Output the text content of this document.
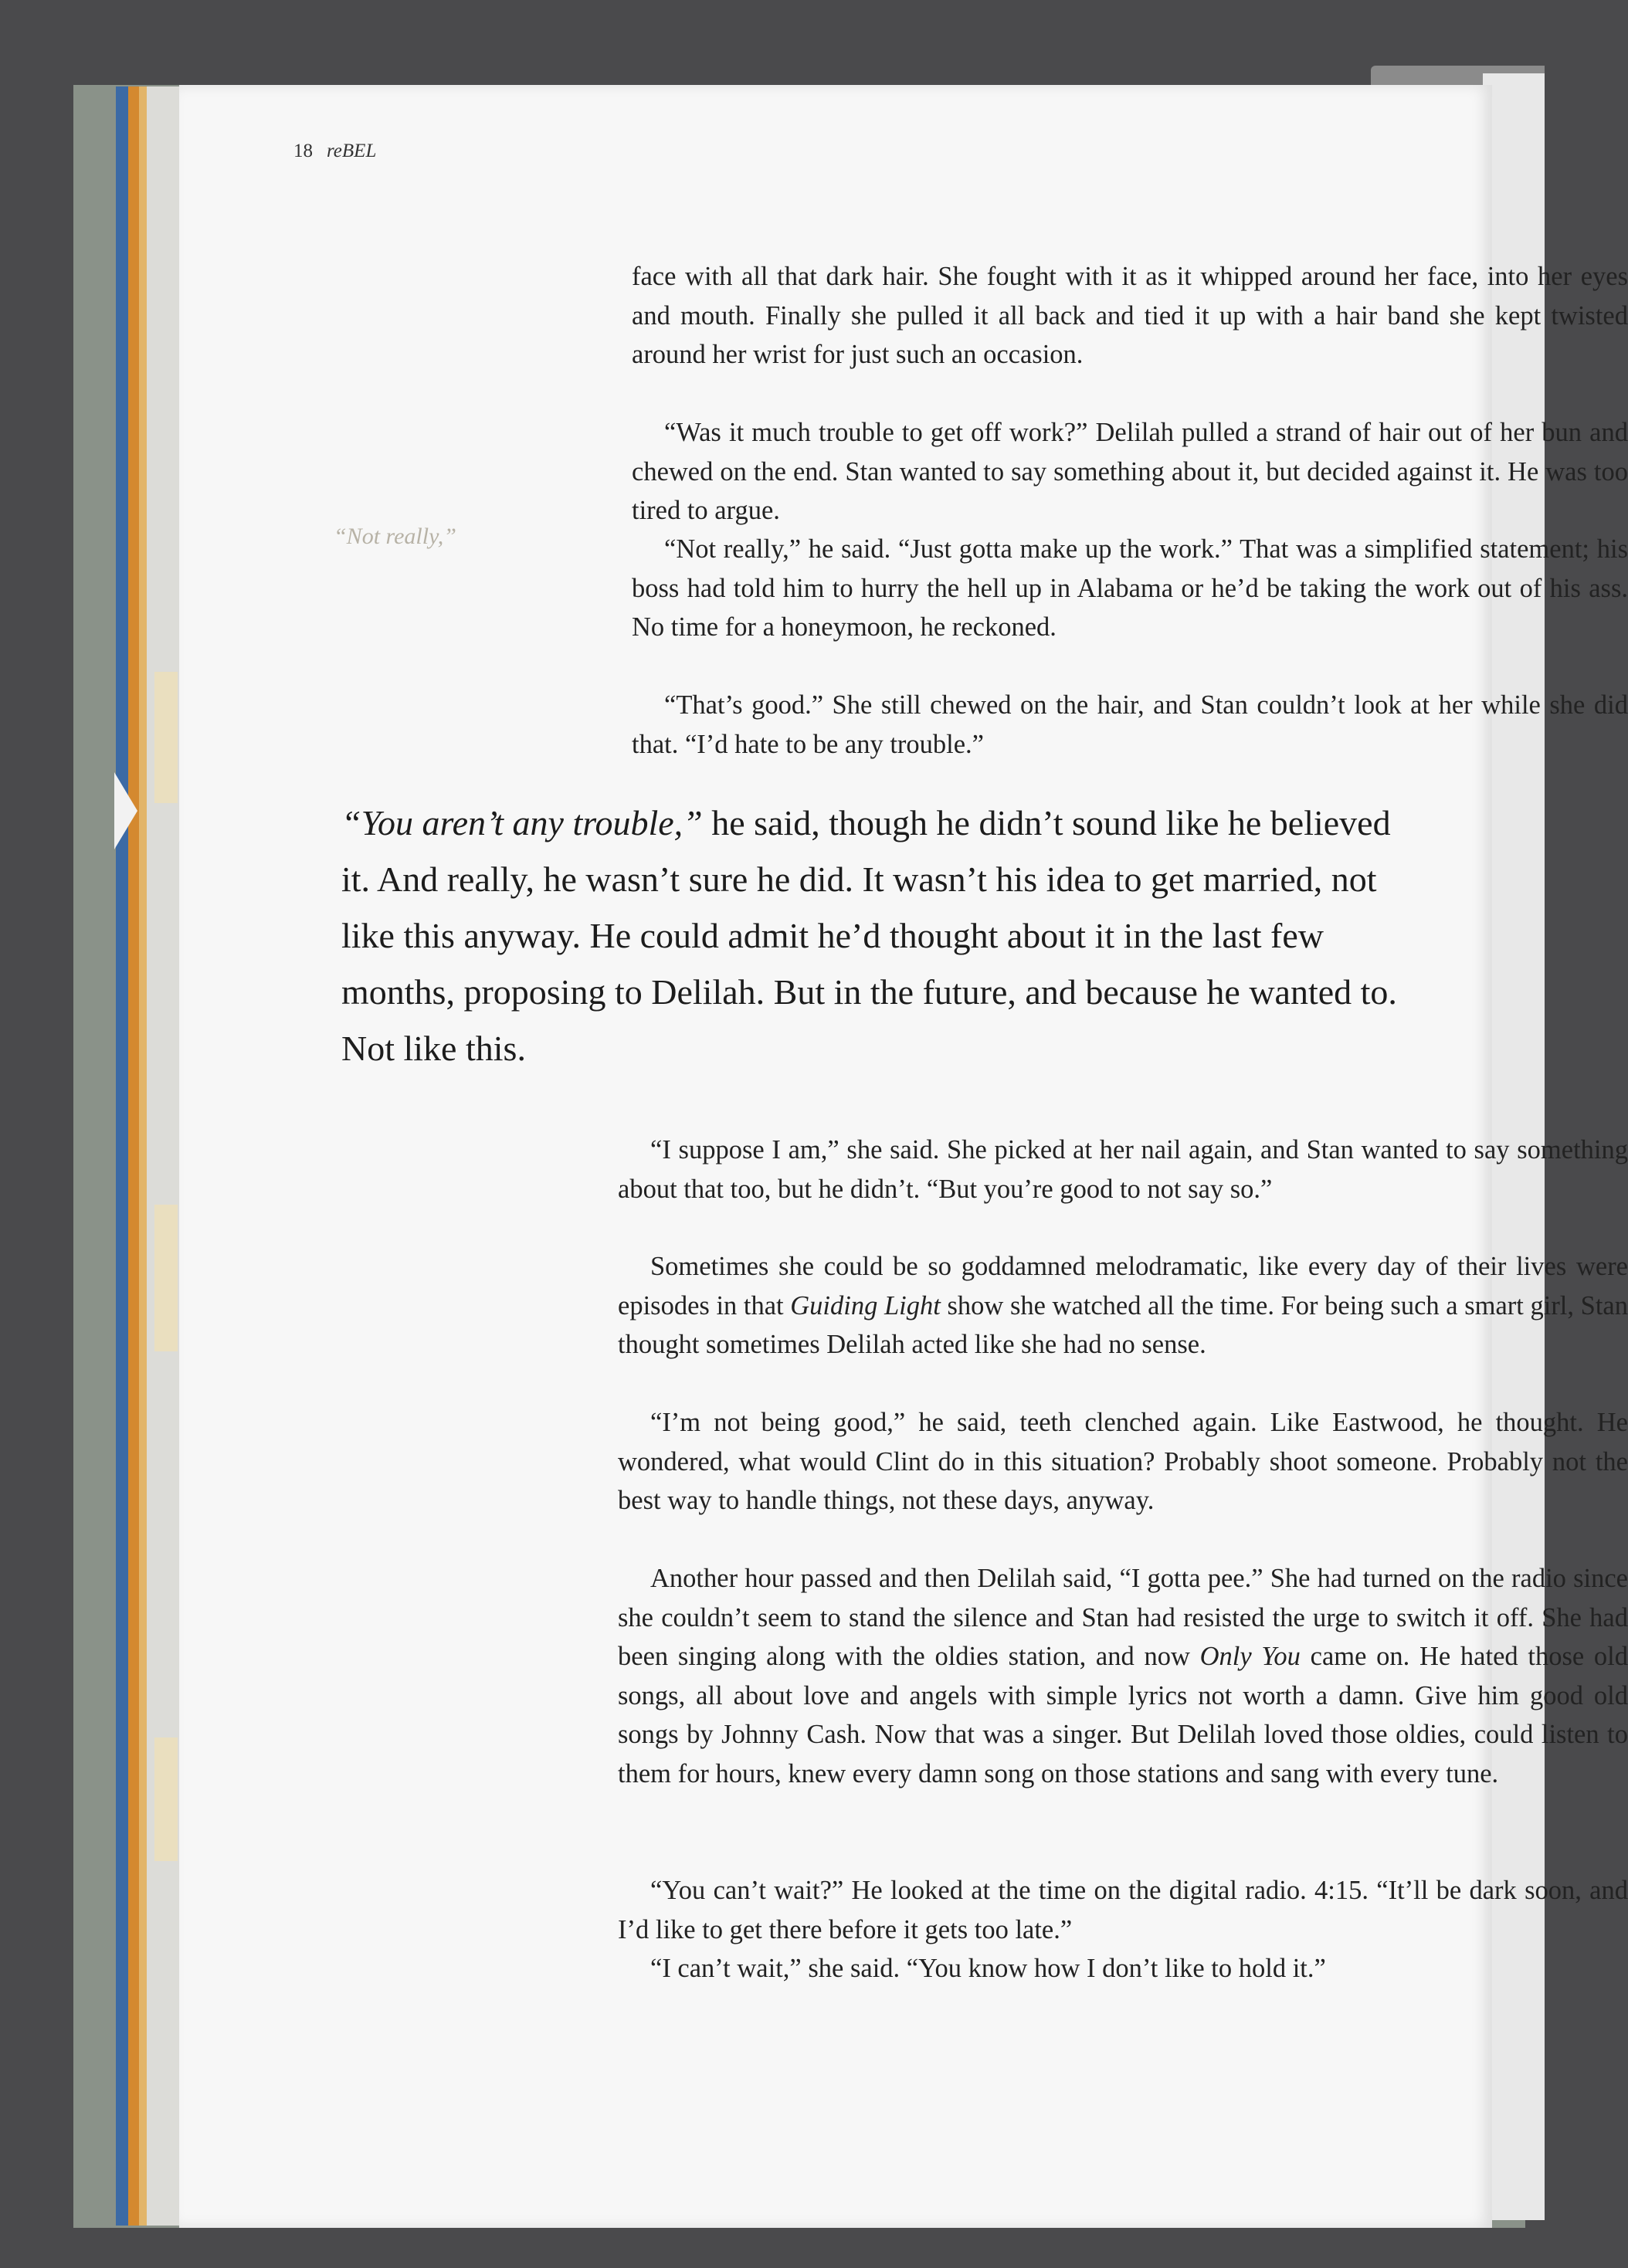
18 reBEL
“Not really,”

face with all that dark hair. She fought with it as it whipped around her face, into her eyes and mouth. Finally she pulled it all back and tied it up with a hair band she kept twisted around her wrist for just such an occasion.

“Was it much trouble to get off work?” Delilah pulled a strand of hair out of her bun and chewed on the end. Stan wanted to say something about it, but decided against it. He was too tired to argue.

“Not really,” he said. “Just gotta make up the work.” That was a simplified statement; his boss had told him to hurry the hell up in Alabama or he’d be taking the work out of his ass. No time for a honeymoon, he reckoned.

“That’s good.” She still chewed on the hair, and Stan couldn’t look at her while she did that. “I’d hate to be any trouble.”

“You aren’t any trouble,” he said, though he didn’t sound like he believed it. And really, he wasn’t sure he did. It wasn’t his idea to get married, not like this anyway. He could admit he’d thought about it in the last few months, proposing to Delilah. But in the future, and because he wanted to. Not like this.

“I suppose I am,” she said. She picked at her nail again, and Stan wanted to say something about that too, but he didn’t. “But you’re good to not say so.”

Sometimes she could be so goddamned melodramatic, like every day of their lives were episodes in that Guiding Light show she watched all the time. For being such a smart girl, Stan thought sometimes Delilah acted like she had no sense.

“I’m not being good,” he said, teeth clenched again. Like Eastwood, he thought. He wondered, what would Clint do in this situation? Probably shoot someone. Probably not the best way to handle things, not these days, anyway.

Another hour passed and then Delilah said, “I gotta pee.” She had turned on the radio since she couldn’t seem to stand the silence and Stan had resisted the urge to switch it off. She had been singing along with the oldies station, and now Only You came on. He hated those old songs, all about love and angels with simple lyrics not worth a damn. Give him good old songs by Johnny Cash. Now that was a singer. But Delilah loved those oldies, could listen to them for hours, knew every damn song on those stations and sang with every tune.

“You can’t wait?” He looked at the time on the digital radio. 4:15. “It’ll be dark soon, and I’d like to get there before it gets too late.”

“I can’t wait,” she said. “You know how I don’t like to hold it.”
